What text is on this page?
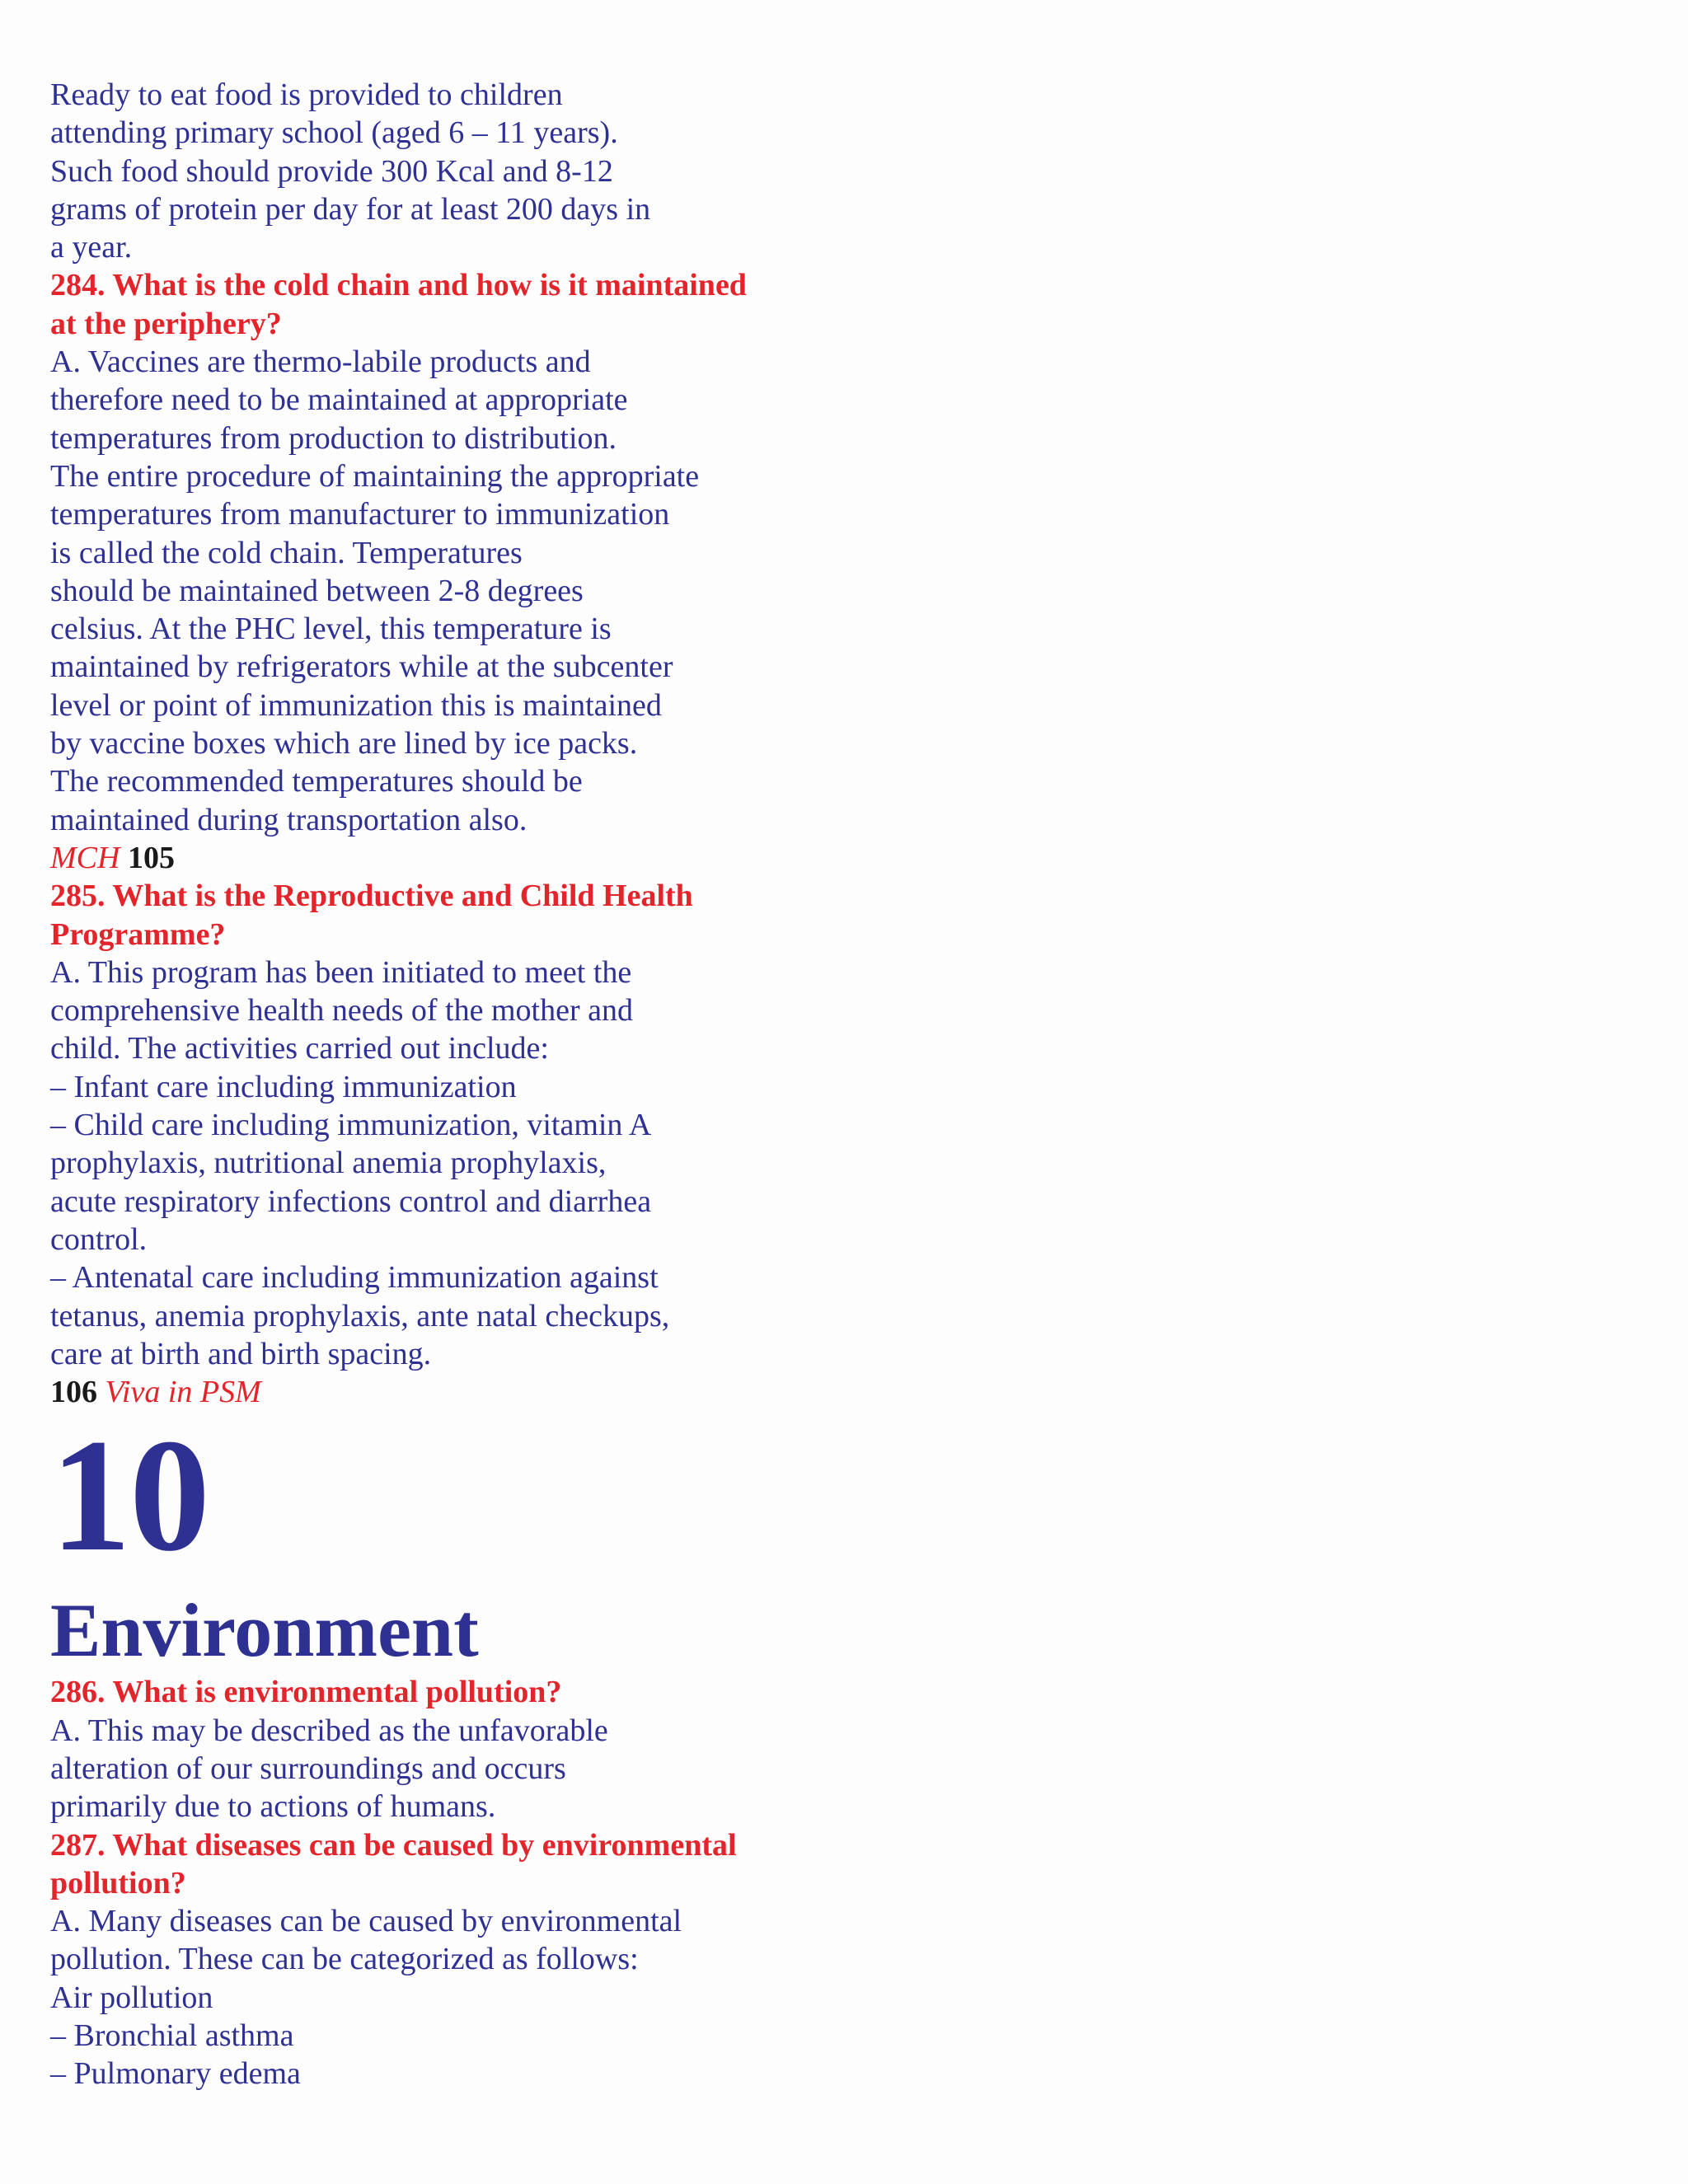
Ready to eat food is provided to children
attending primary school (aged 6 – 11 years).
Such food should provide 300 Kcal and 8-12
grams of protein per day for at least 200 days in
a year.
284. What is the cold chain and how is it maintained
at the periphery?
A. Vaccines are thermo-labile products and
therefore need to be maintained at appropriate
temperatures from production to distribution.
The entire procedure of maintaining the appropriate
temperatures from manufacturer to immunization
is called the cold chain. Temperatures
should be maintained between 2-8 degrees
celsius. At the PHC level, this temperature is
maintained by refrigerators while at the subcenter
level or point of immunization this is maintained
by vaccine boxes which are lined by ice packs.
The recommended temperatures should be
maintained during transportation also.
MCH 105
285. What is the Reproductive and Child Health
Programme?
A. This program has been initiated to meet the
comprehensive health needs of the mother and
child. The activities carried out include:
– Infant care including immunization
– Child care including immunization, vitamin A
prophylaxis, nutritional anemia prophylaxis,
acute respiratory infections control and diarrhea
control.
– Antenatal care including immunization against
tetanus, anemia prophylaxis, ante natal checkups,
care at birth and birth spacing.
106 Viva in PSM
10
Environment
286. What is environmental pollution?
A. This may be described as the unfavorable
alteration of our surroundings and occurs
primarily due to actions of humans.
287. What diseases can be caused by environmental
pollution?
A. Many diseases can be caused by environmental
pollution. These can be categorized as follows:
Air pollution
– Bronchial asthma
– Pulmonary edema
